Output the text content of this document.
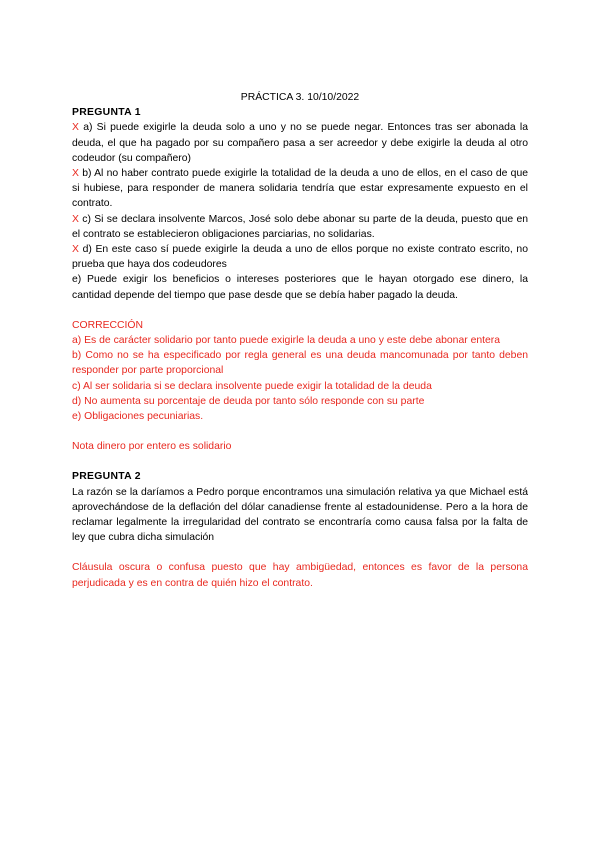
PRÁCTICA 3. 10/10/2022

PREGUNTA 1

X a) Si puede exigirle la deuda solo a uno y no se puede negar. Entonces tras ser abonada la deuda, el que ha pagado por su compañero pasa a ser acreedor y debe exigirle la deuda al otro codeudor (su compañero)

X b) Al no haber contrato puede exigirle la totalidad de la deuda a uno de ellos, en el caso de que si hubiese, para responder de manera solidaria tendría que estar expresamente expuesto en el contrato.

X c) Si se declara insolvente Marcos, José solo debe abonar su parte de la deuda, puesto que en el contrato se establecieron obligaciones parciarias, no solidarias.

X d) En este caso sí puede exigirle la deuda a uno de ellos porque no existe contrato escrito, no prueba que haya dos codeudores

e) Puede exigir los beneficios o intereses posteriores que le hayan otorgado ese dinero, la cantidad depende del tiempo que pase desde que se debía haber pagado la deuda.

CORRECCIÓN

a) Es de carácter solidario por tanto puede exigirle la deuda a uno y este debe abonar entera

b) Como no se ha especificado por regla general es una deuda mancomunada por tanto deben responder por parte proporcional

c) Al ser solidaria si se declara insolvente puede exigir la totalidad de la deuda

d) No aumenta su porcentaje de deuda por tanto sólo responde con su parte

e) Obligaciones pecuniarias.

Nota dinero por entero es solidario

PREGUNTA 2

La razón se la daríamos a Pedro porque encontramos una simulación relativa ya que Michael está aprovechándose de la deflación del dólar canadiense frente al estadounidense. Pero a la hora de reclamar legalmente la irregularidad del contrato se encontraría como causa falsa por la falta de ley que cubra dicha simulación

Cláusula oscura o confusa puesto que hay ambigüedad, entonces es favor de la persona perjudicada y es en contra de quién hizo el contrato.
